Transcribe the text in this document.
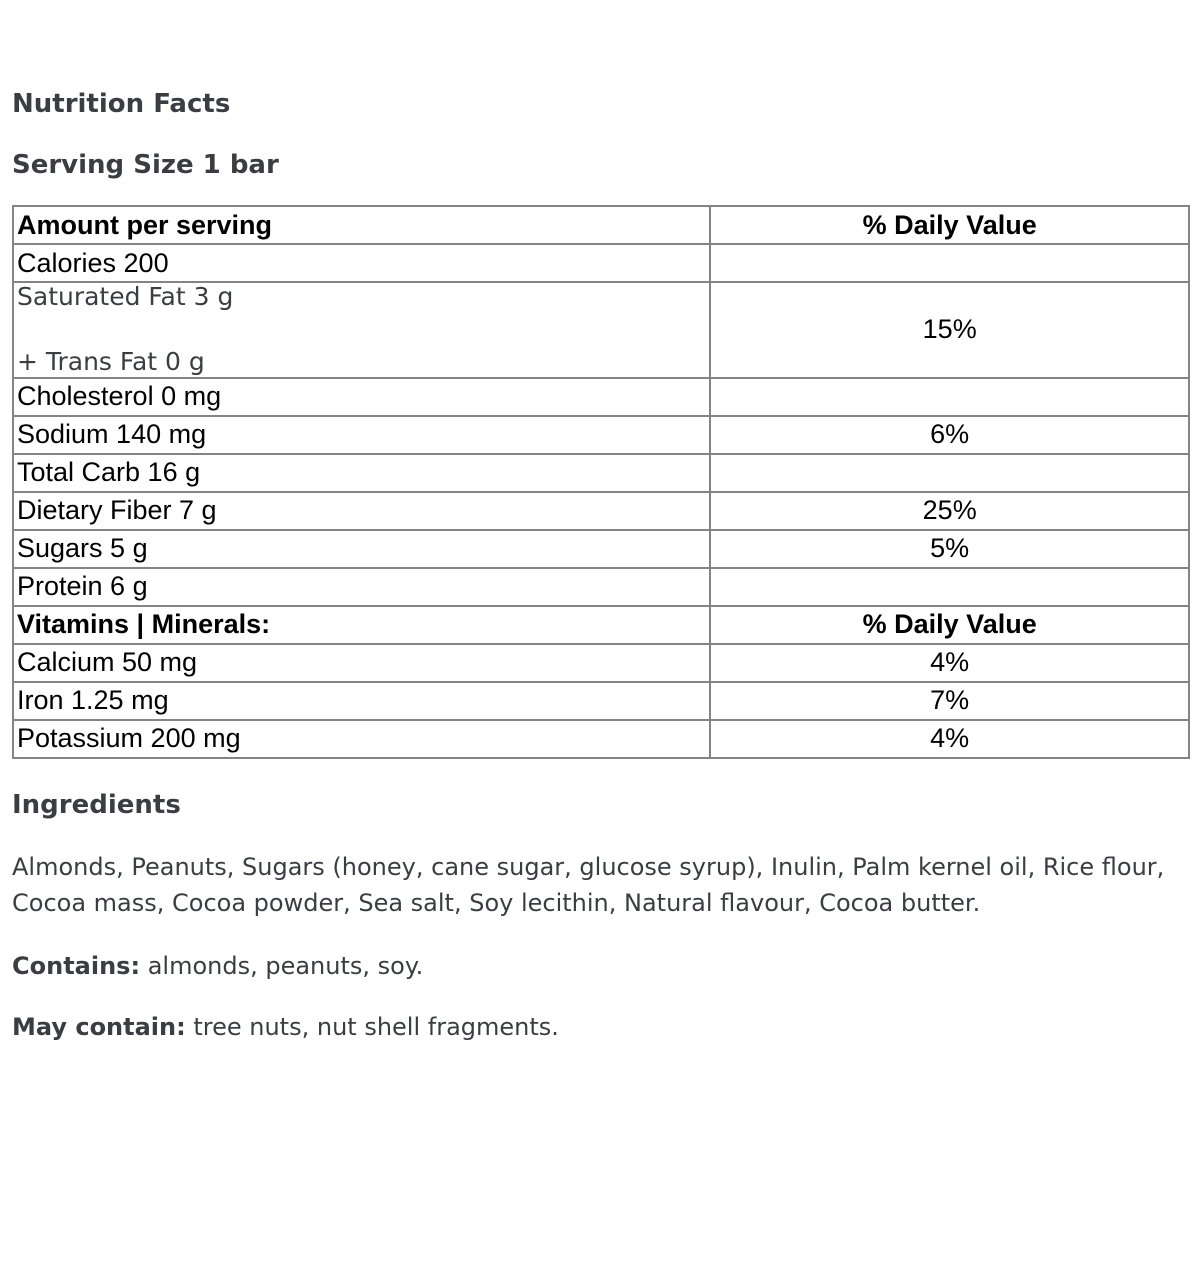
Nutrition Facts
Serving Size 1 bar
Amount per serving	% Daily Value
Calories 200	

Saturated Fat 3 g
+ Trans Fat 0 g	15%
Cholesterol 0 mg	
Sodium 140 mg	6%
Total Carb 16 g	
Dietary Fiber 7 g	25%
Sugars 5 g	5%
Protein 6 g	
Vitamins | Minerals:	% Daily Value
Calcium 50 mg	4%
Iron 1.25 mg	7%
Potassium 200 mg	4%
Ingredients

Almonds, Peanuts, Sugars (honey, cane sugar, glucose syrup), Inulin, Palm kernel oil, Rice flour, Cocoa mass, Cocoa powder, Sea salt, Soy lecithin, Natural flavour, Cocoa butter.

Contains: almonds, peanuts, soy.

May contain: tree nuts, nut shell fragments.
